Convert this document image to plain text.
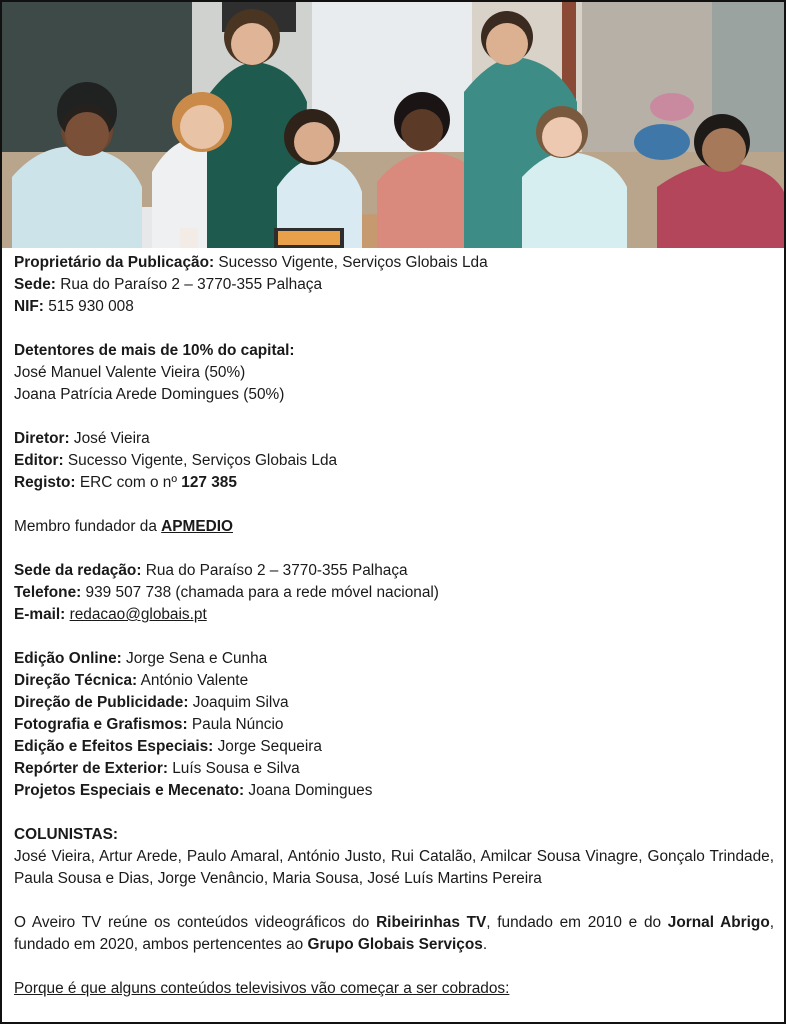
Proprietário da Publicação: Sucesso Vigente, Serviços Globais Lda

Sede: Rua do Paraíso 2 – 3770-355 Palhaça

NIF: 515 930 008

Detentores de mais de 10% do capital:

José Manuel Valente Vieira (50%)

Joana Patrícia Arede Domingues (50%)

Diretor: José Vieira

Editor: Sucesso Vigente, Serviços Globais Lda

Registo: ERC com o nº 127 385

Membro fundador da APMEDIO

Sede da redação: Rua do Paraíso 2 – 3770-355 Palhaça

Telefone: 939 507 738 (chamada para a rede móvel nacional)

E-mail: redacao@globais.pt

Edição Online: Jorge Sena e Cunha

Direção Técnica: António Valente

Direção de Publicidade: Joaquim Silva

Fotografia e Grafismos: Paula Núncio

Edição e Efeitos Especiais: Jorge Sequeira

Repórter de Exterior: Luís Sousa e Silva

Projetos Especiais e Mecenato: Joana Domingues

COLUNISTAS:

José Vieira, Artur Arede, Paulo Amaral, António Justo, Rui Catalão, Amilcar Sousa Vinagre, Gonçalo Trindade, Paula Sousa e Dias, Jorge Venâncio, Maria Sousa, José Luís Martins Pereira

O Aveiro TV reúne os conteúdos videográficos do Ribeirinhas TV, fundado em 2010 e do Jornal Abrigo, fundado em 2020, ambos pertencentes ao Grupo Globais Serviços.

Porque é que alguns conteúdos televisivos vão começar a ser cobrados:
